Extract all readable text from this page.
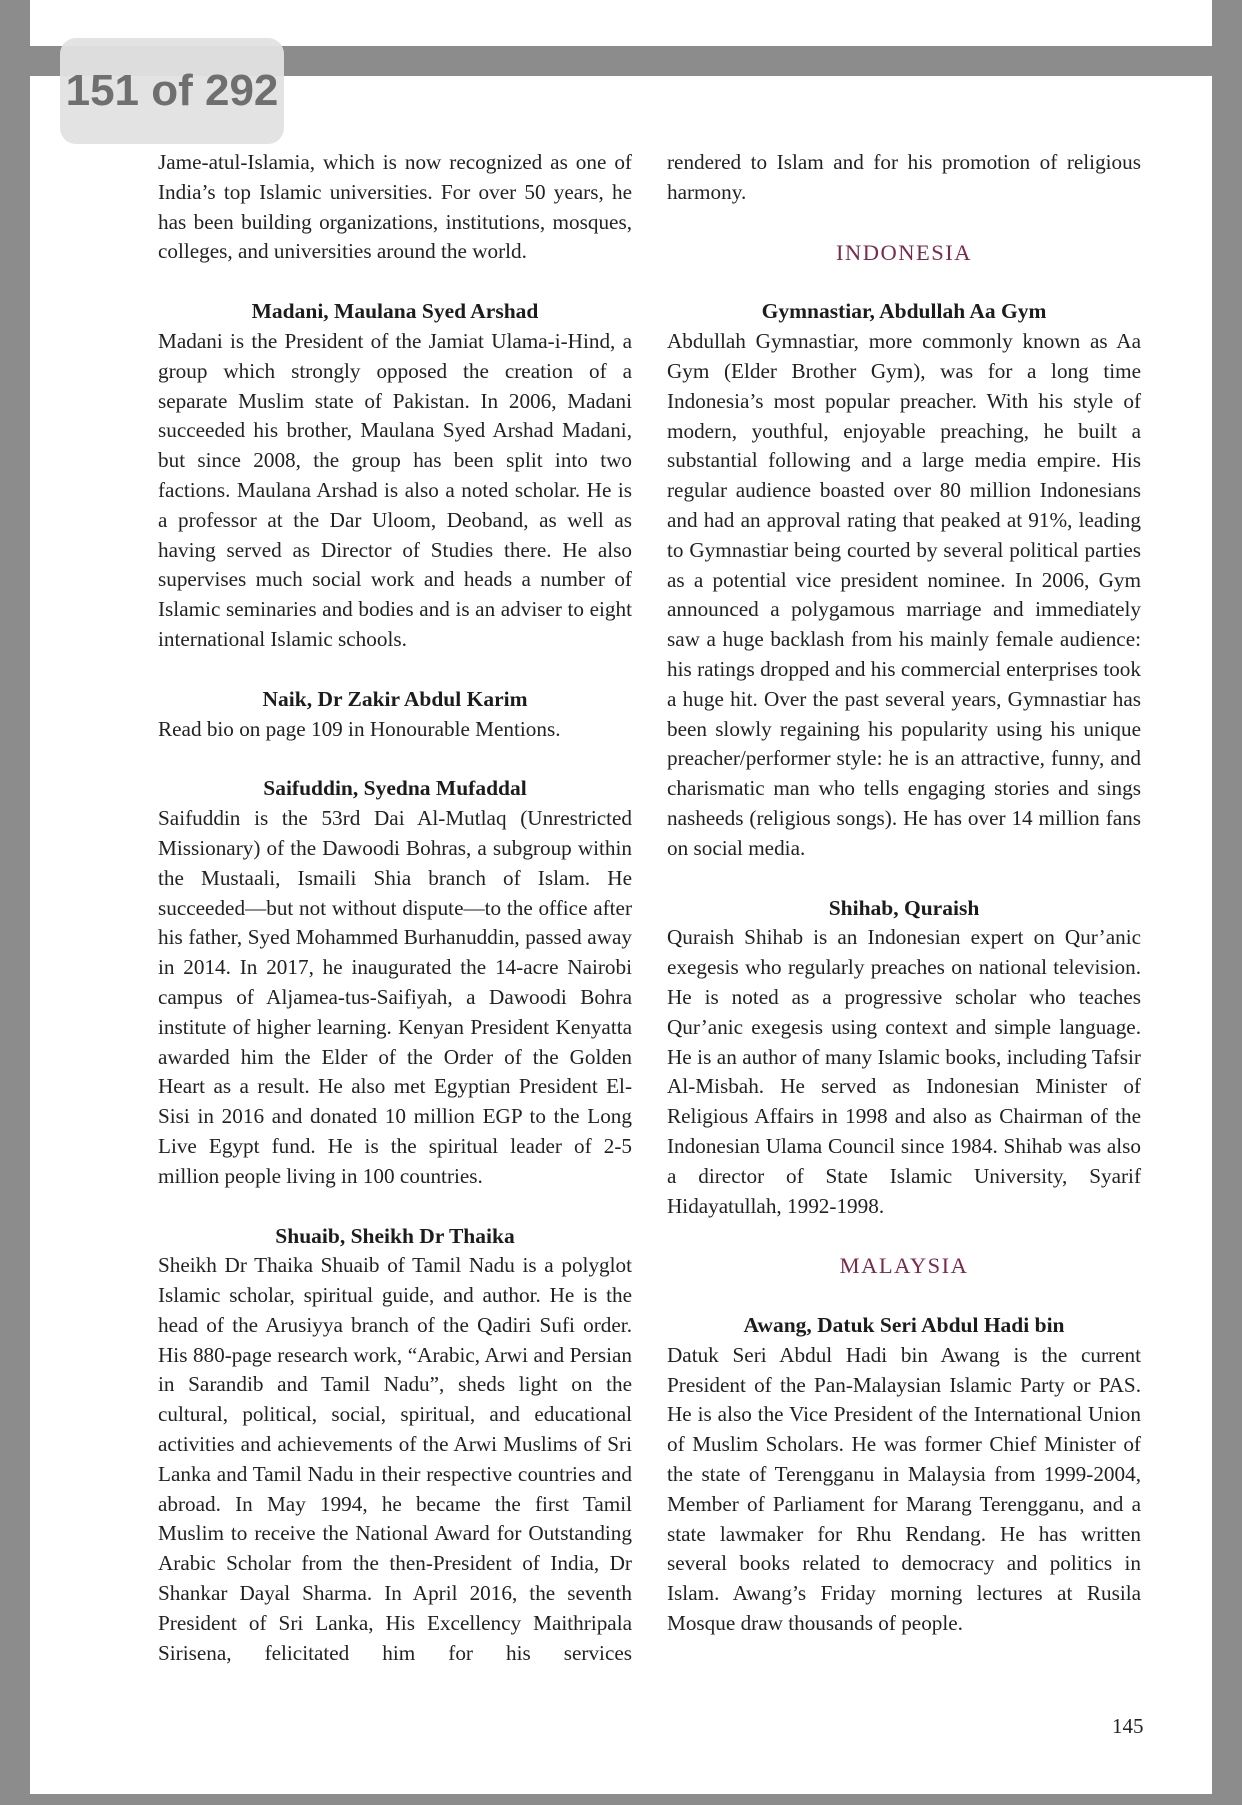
151 of 292

Jame-atul-Islamia, which is now recognized as one of India’s top Islamic universities. For over 50 years, he has been building organizations, institutions, mosques, colleges, and universities around the world.

Madani, Maulana Syed Arshad

Madani is the President of the Jamiat Ulama-i-Hind, a group which strongly opposed the creation of a separate Muslim state of Pakistan. In 2006, Madani succeeded his brother, Maulana Syed Arshad Madani, but since 2008, the group has been split into two factions. Maulana Arshad is also a noted scholar. He is a professor at the Dar Uloom, Deoband, as well as having served as Director of Studies there. He also supervises much social work and heads a number of Islamic seminaries and bodies and is an adviser to eight international Islamic schools.

Naik, Dr Zakir Abdul Karim

Read bio on page 109 in Honourable Mentions.

Saifuddin, Syedna Mufaddal

Saifuddin is the 53rd Dai Al-Mutlaq (Unrestricted Missionary) of the Dawoodi Bohras, a subgroup within the Mustaali, Ismaili Shia branch of Islam. He succeeded—but not without dispute—to the office after his father, Syed Mohammed Burhanuddin, passed away in 2014. In 2017, he inaugurated the 14-acre Nairobi campus of Aljamea-tus-Saifiyah, a Dawoodi Bohra institute of higher learning. Kenyan President Kenyatta awarded him the Elder of the Order of the Golden Heart as a result. He also met Egyptian President El-Sisi in 2016 and donated 10 million EGP to the Long Live Egypt fund. He is the spiritual leader of 2-5 million people living in 100 countries.

Shuaib, Sheikh Dr Thaika

Sheikh Dr Thaika Shuaib of Tamil Nadu is a polyglot Islamic scholar, spiritual guide, and author. He is the head of the Arusiyya branch of the Qadiri Sufi order. His 880-page research work, “Arabic, Arwi and Persian in Sarandib and Tamil Nadu”, sheds light on the cultural, political, social, spiritual, and educational activities and achievements of the Arwi Muslims of Sri Lanka and Tamil Nadu in their respective countries and abroad. In May 1994, he became the first Tamil Muslim to receive the National Award for Outstanding Arabic Scholar from the then-President of India, Dr Shankar Dayal Sharma. In April 2016, the seventh President of Sri Lanka, His Excellency Maithripala Sirisena, felicitated him for his services

rendered to Islam and for his promotion of religious harmony.

INDONESIA

Gymnastiar, Abdullah Aa Gym

Abdullah Gymnastiar, more commonly known as Aa Gym (Elder Brother Gym), was for a long time Indonesia’s most popular preacher. With his style of modern, youthful, enjoyable preaching, he built a substantial following and a large media empire. His regular audience boasted over 80 million Indonesians and had an approval rating that peaked at 91%, leading to Gymnastiar being courted by several political parties as a potential vice president nominee. In 2006, Gym announced a polygamous marriage and immediately saw a huge backlash from his mainly female audience: his ratings dropped and his commercial enterprises took a huge hit. Over the past several years, Gymnastiar has been slowly regaining his popularity using his unique preacher/performer style: he is an attractive, funny, and charismatic man who tells engaging stories and sings nasheeds (religious songs). He has over 14 million fans on social media.

Shihab, Quraish

Quraish Shihab is an Indonesian expert on Qur’anic exegesis who regularly preaches on national television. He is noted as a progressive scholar who teaches Qur’anic exegesis using context and simple language. He is an author of many Islamic books, including Tafsir Al-Misbah. He served as Indonesian Minister of Religious Affairs in 1998 and also as Chairman of the Indonesian Ulama Council since 1984. Shihab was also a director of State Islamic University, Syarif Hidayatullah, 1992-1998.

MALAYSIA

Awang, Datuk Seri Abdul Hadi bin

Datuk Seri Abdul Hadi bin Awang is the current President of the Pan-Malaysian Islamic Party or PAS. He is also the Vice President of the International Union of Muslim Scholars. He was former Chief Minister of the state of Terengganu in Malaysia from 1999-2004, Member of Parliament for Marang Terengganu, and a state lawmaker for Rhu Rendang. He has written several books related to democracy and politics in Islam. Awang’s Friday morning lectures at Rusila Mosque draw thousands of people.

145
